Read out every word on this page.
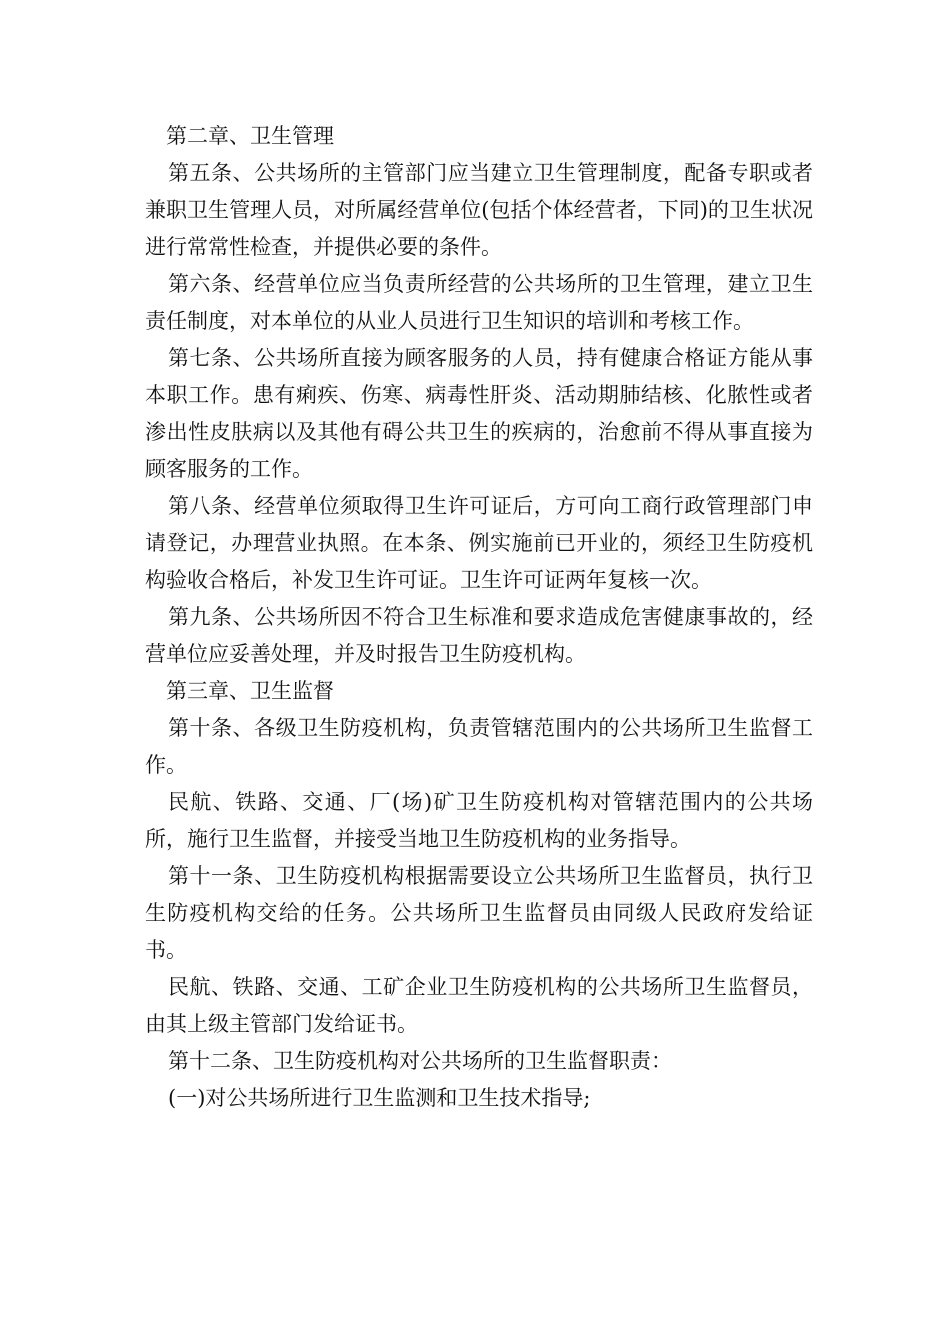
第二章、卫生管理

第五条、公共场所的主管部门应当建立卫生管理制度，配备专职或者兼职卫生管理人员，对所属经营单位(包括个体经营者，下同)的卫生状况进行常常性检查，并提供必要的条件。

第六条、经营单位应当负责所经营的公共场所的卫生管理，建立卫生责任制度，对本单位的从业人员进行卫生知识的培训和考核工作。

第七条、公共场所直接为顾客服务的人员，持有健康合格证方能从事本职工作。患有痢疾、伤寒、病毒性肝炎、活动期肺结核、化脓性或者渗出性皮肤病以及其他有碍公共卫生的疾病的，治愈前不得从事直接为顾客服务的工作。

第八条、经营单位须取得卫生许可证后，方可向工商行政管理部门申请登记，办理营业执照。在本条、例实施前已开业的，须经卫生防疫机构验收合格后，补发卫生许可证。卫生许可证两年复核一次。

第九条、公共场所因不符合卫生标准和要求造成危害健康事故的，经营单位应妥善处理，并及时报告卫生防疫机构。

第三章、卫生监督

第十条、各级卫生防疫机构，负责管辖范围内的公共场所卫生监督工作。

民航、铁路、交通、厂(场)矿卫生防疫机构对管辖范围内的公共场所，施行卫生监督，并接受当地卫生防疫机构的业务指导。

第十一条、卫生防疫机构根据需要设立公共场所卫生监督员，执行卫生防疫机构交给的任务。公共场所卫生监督员由同级人民政府发给证书。

民航、铁路、交通、工矿企业卫生防疫机构的公共场所卫生监督员，由其上级主管部门发给证书。

第十二条、卫生防疫机构对公共场所的卫生监督职责：

(一)对公共场所进行卫生监测和卫生技术指导;
